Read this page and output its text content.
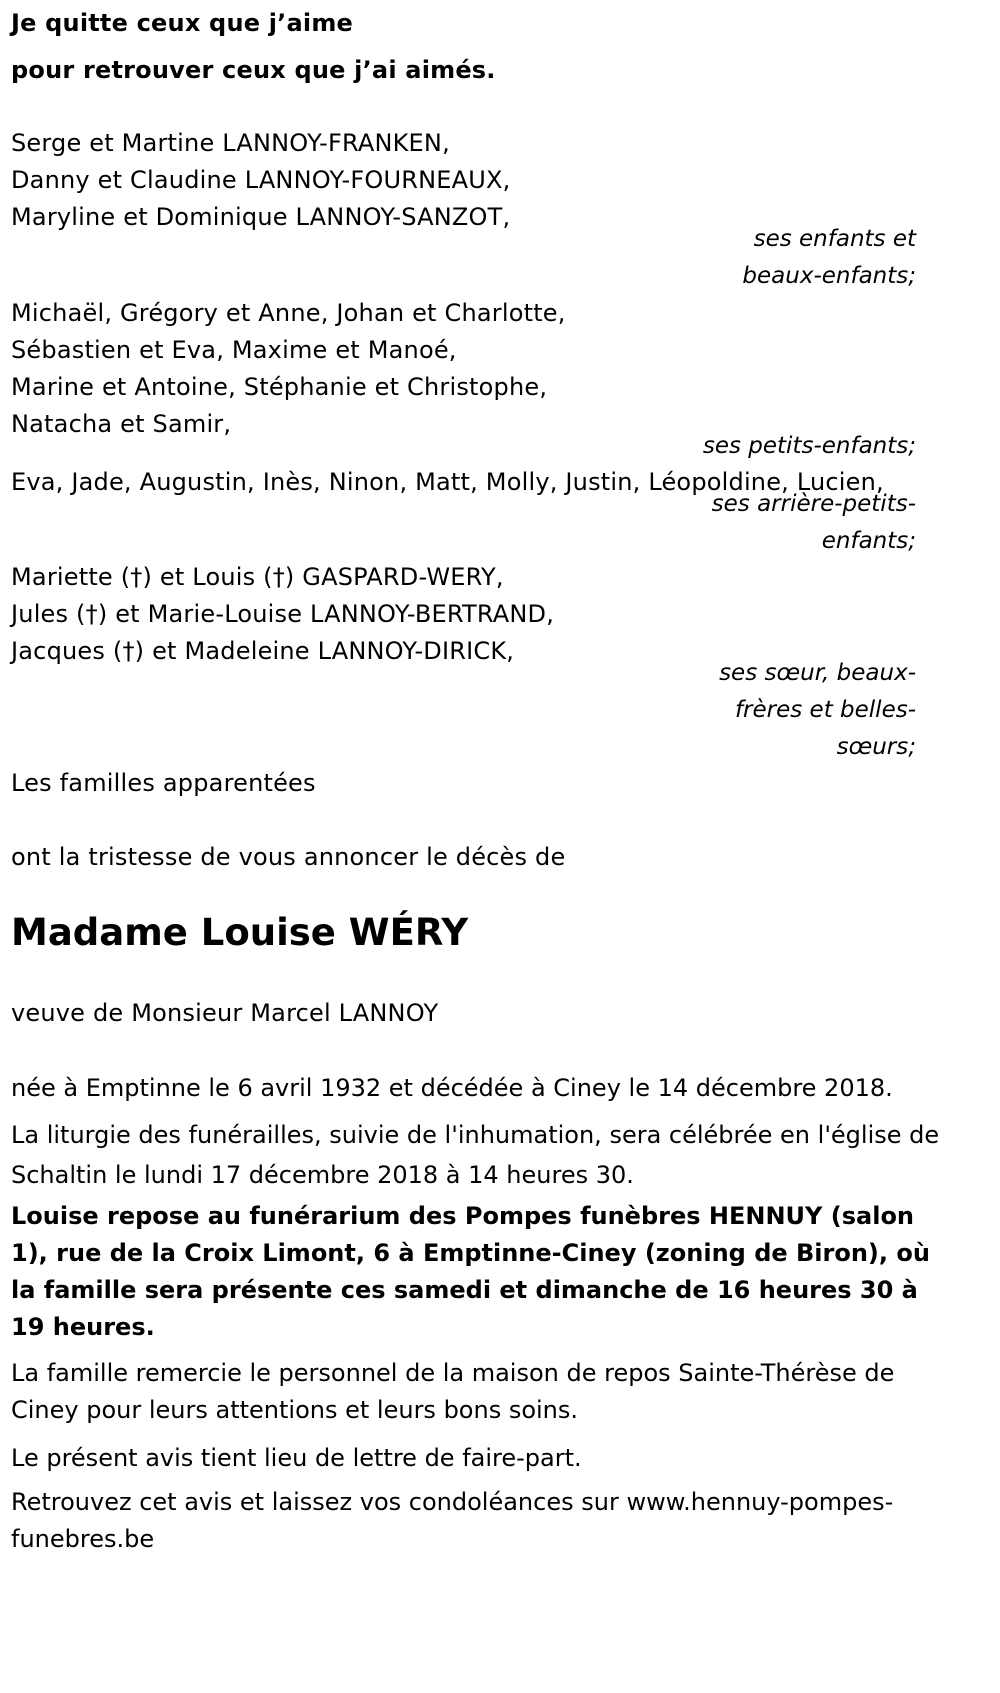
Je quitte ceux que j’aime
pour retrouver ceux que j’ai aimés.
Serge et Martine LANNOY-FRANKEN,
Danny et Claudine LANNOY-FOURNEAUX,
Maryline et Dominique LANNOY-SANZOT,
ses enfants et
beaux-enfants;
Michaël, Grégory et Anne, Johan et Charlotte,
Sébastien et Eva, Maxime et Manoé,
Marine et Antoine, Stéphanie et Christophe,
Natacha et Samir,
ses petits-enfants;
Eva, Jade, Augustin, Inès, Ninon, Matt, Molly, Justin, Léopoldine, Lucien,
ses arrière-petits-
enfants;
Mariette (†) et Louis (†) GASPARD-WERY,
Jules (†) et Marie-Louise LANNOY-BERTRAND,
Jacques (†) et Madeleine LANNOY-DIRICK,
ses sœur, beaux-
frères et belles-
sœurs;
Les familles apparentées
ont la tristesse de vous annoncer le décès de
Madame Louise WÉRY
veuve de Monsieur Marcel LANNOY
née à Emptinne le 6 avril 1932 et décédée à Ciney le 14 décembre 2018.
La liturgie des funérailles, suivie de l'inhumation, sera célébrée en l'église de Schaltin le lundi 17 décembre 2018 à 14 heures 30.
Louise repose au funérarium des Pompes funèbres HENNUY (salon 1), rue de la Croix Limont, 6 à Emptinne-Ciney (zoning de Biron), où la famille sera présente ces samedi et dimanche de 16 heures 30 à 19 heures.
La famille remercie le personnel de la maison de repos Sainte-Thérèse de Ciney pour leurs attentions et leurs bons soins.
Le présent avis tient lieu de lettre de faire-part.
Retrouvez cet avis et laissez vos condoléances sur www.hennuy-pompes-funebres.be
